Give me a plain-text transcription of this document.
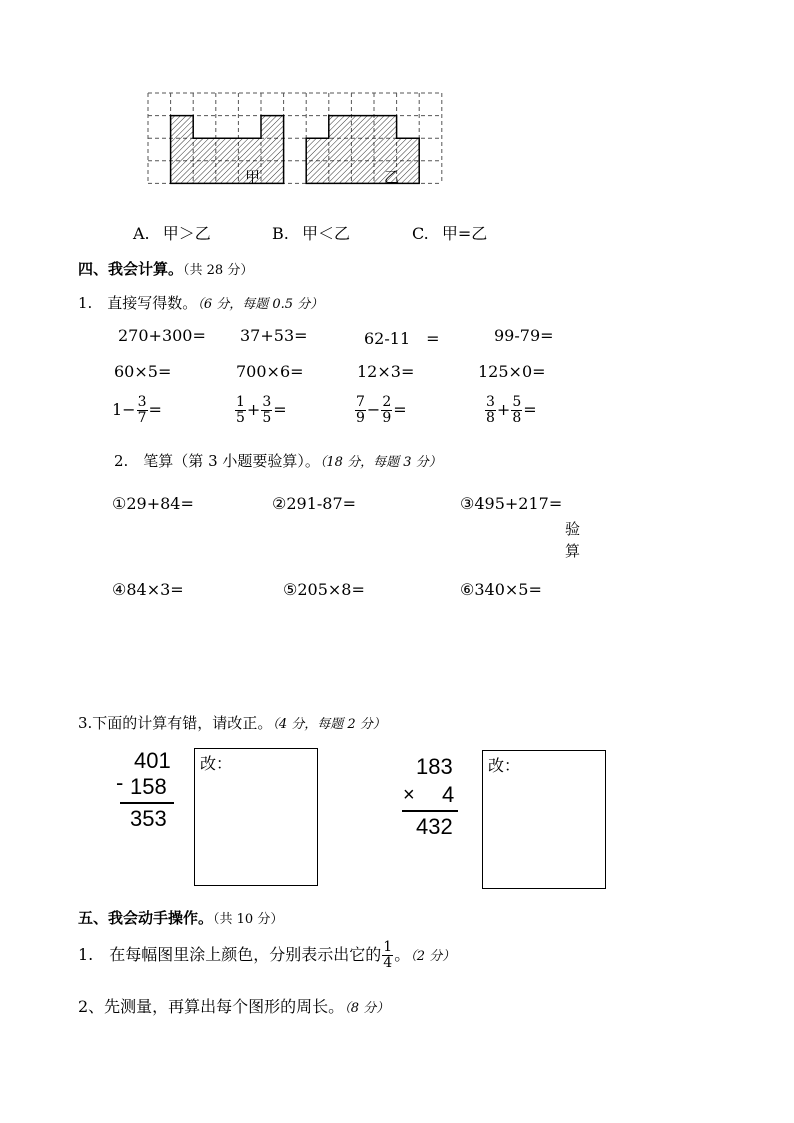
甲	乙
A. 甲＞乙	B. 甲＜乙	C. 甲=乙
四、我会计算。（共 28 分）
1.　直接写得数。（6 分，每题 0.5 分）
270+300= 37+53=	62-11　=	99-79=
60×5=	700×6=	12×3=	125×0=
$1- \frac{3}{7}$ =	$\frac{1}{5} + \frac{3}{5}$ =	$\frac{7}{9} - \frac{2}{9}$ =	$\frac{3}{8} + \frac{5}{8}$ =
2.　笔算（第 3 小题要验算）。（18 分，每题 3 分）
①29+84=	②291-87=	③495+217=
验
算
④84×3=	⑤205×8=	⑥340×5=
3.下面的计算有错，请改正。（4 分，每题 2 分）
401
- 158
353
改：	183
× 4
432
改：
五、我会动手操作。（共 10 分）
1.　在每幅图里涂上颜色，分别表示出它的 $\frac{1}{4}$ 。（2 分）
2、先测量，再算出每个图形的周长。（8 分）
